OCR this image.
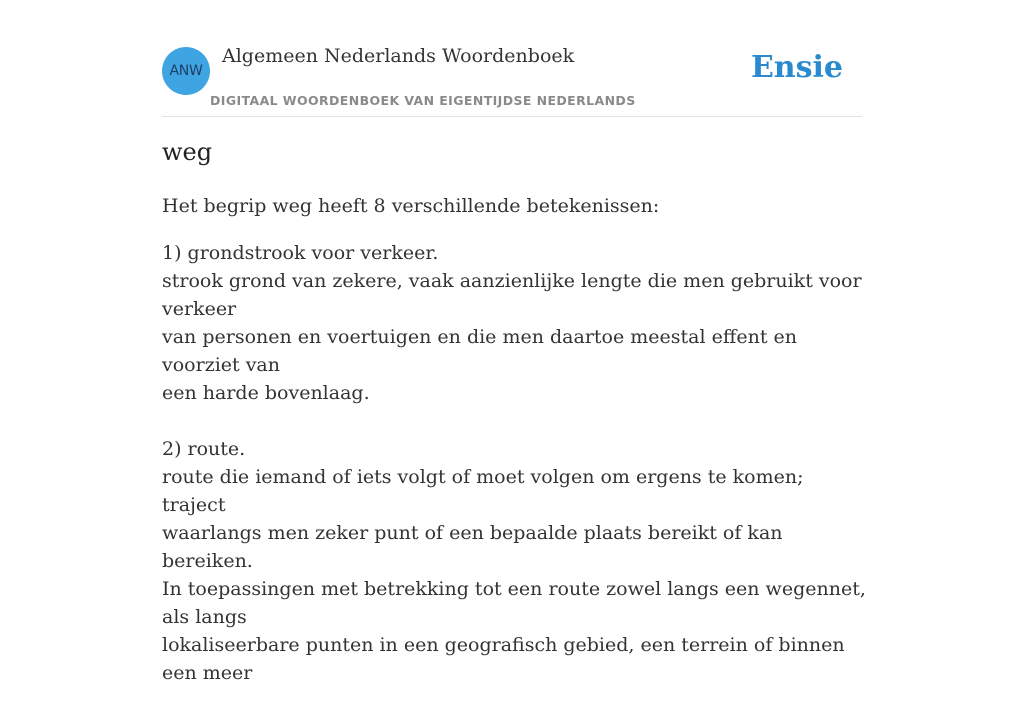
ANW
Algemeen Nederlands Woordenboek
DIGITAAL WOORDENBOEK VAN EIGENTIJDSE NEDERLANDS
Ensie
weg
Het begrip weg heeft 8 verschillende betekenissen:

1) grondstrook voor verkeer.

strook grond van zekere, vaak aanzienlijke lengte die men gebruikt voor verkeer

van personen en voertuigen en die men daartoe meestal effent en voorziet van

een harde bovenlaag.

2) route.

route die iemand of iets volgt of moet volgen om ergens te komen; traject

waarlangs men zeker punt of een bepaalde plaats bereikt of kan bereiken.

In toepassingen met betrekking tot een route zowel langs een wegennet, als langs

lokaliseerbare punten in een geografisch gebied, een terrein of binnen een meer
